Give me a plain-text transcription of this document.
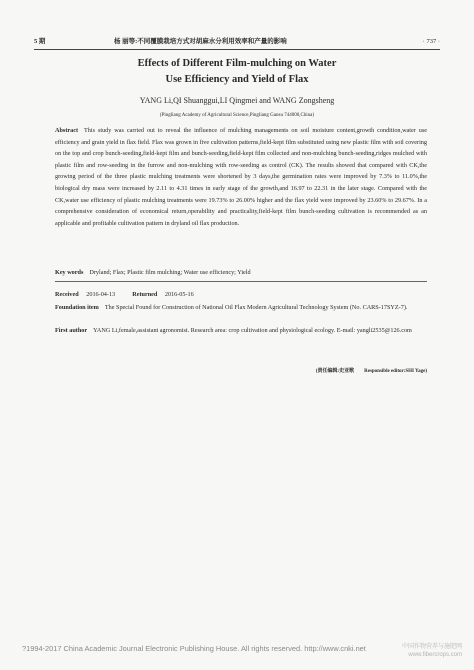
5 期	杨 丽等:不同覆膜栽培方式对胡麻水分利用效率和产量的影响	· 737 ·
Effects of Different Film-mulching on Water
Use Efficiency and Yield of Flax
YANG Li,QI Shuanggui,LI Qingmei and WANG Zongsheng
(Pingliang Academy of Agricultural Science,Pingliang Gansu 744000,China)
Abstract This study was carried out to reveal the influence of mulching managements on soil moisture content,growth condition,water use efficiency and grain yield in flax field. Flax was grown in five cultivation patterns,field-kept film substituted using new plastic film with soil covering on the top and crop bunch-seeding,field-kept film and bunch-seeding,field-kept film collected and non-mulching bunch-seeding,ridges mulched with plastic film and row-seeding in the furrow and non-mulching with row-seeding as control (CK). The results showed that compared with CK,the growing period of the three plastic mulching treatments were shortened by 3 days,the germination rates were improved by 7.3% to 11.0%,the biological dry mass were increased by 2.11 to 4.31 times in early stage of the growth,and 16.97 to 22.31 in the later stage. Compared with the CK,water use efficiency of plastic mulching treatments were 19.73% to 26.00% higher and the flax yield were improved by 23.60% to 29.67%. In a comprehensive consideration of economical return,operability and practicality,field-kept film bunch-seeding cultivation is recommended as an applicable and profitable cultivation pattern in dryland oil flax production.
Key words Dryland; Flax; Plastic film mulching; Water use efficiency; Yield
Received 2016-04-13	Returned 2016-05-16
Foundation item The Special Found for Construction of National Oil Flax Modern Agricultural Technology System (No. CARS-17SYZ-7).
First author YANG Li,female,assistant agronomist. Research area: crop cultivation and physiological ecology. E-mail: yangli2535@126.com
(责任编辑:史亚歌 Responsible editor:SHI Yage)
?1994-2017 China Academic Journal Electronic Publishing House. All rights reserved. http://www.cnki.net	中国作物营养与施肥网
www.fibercrops.com
